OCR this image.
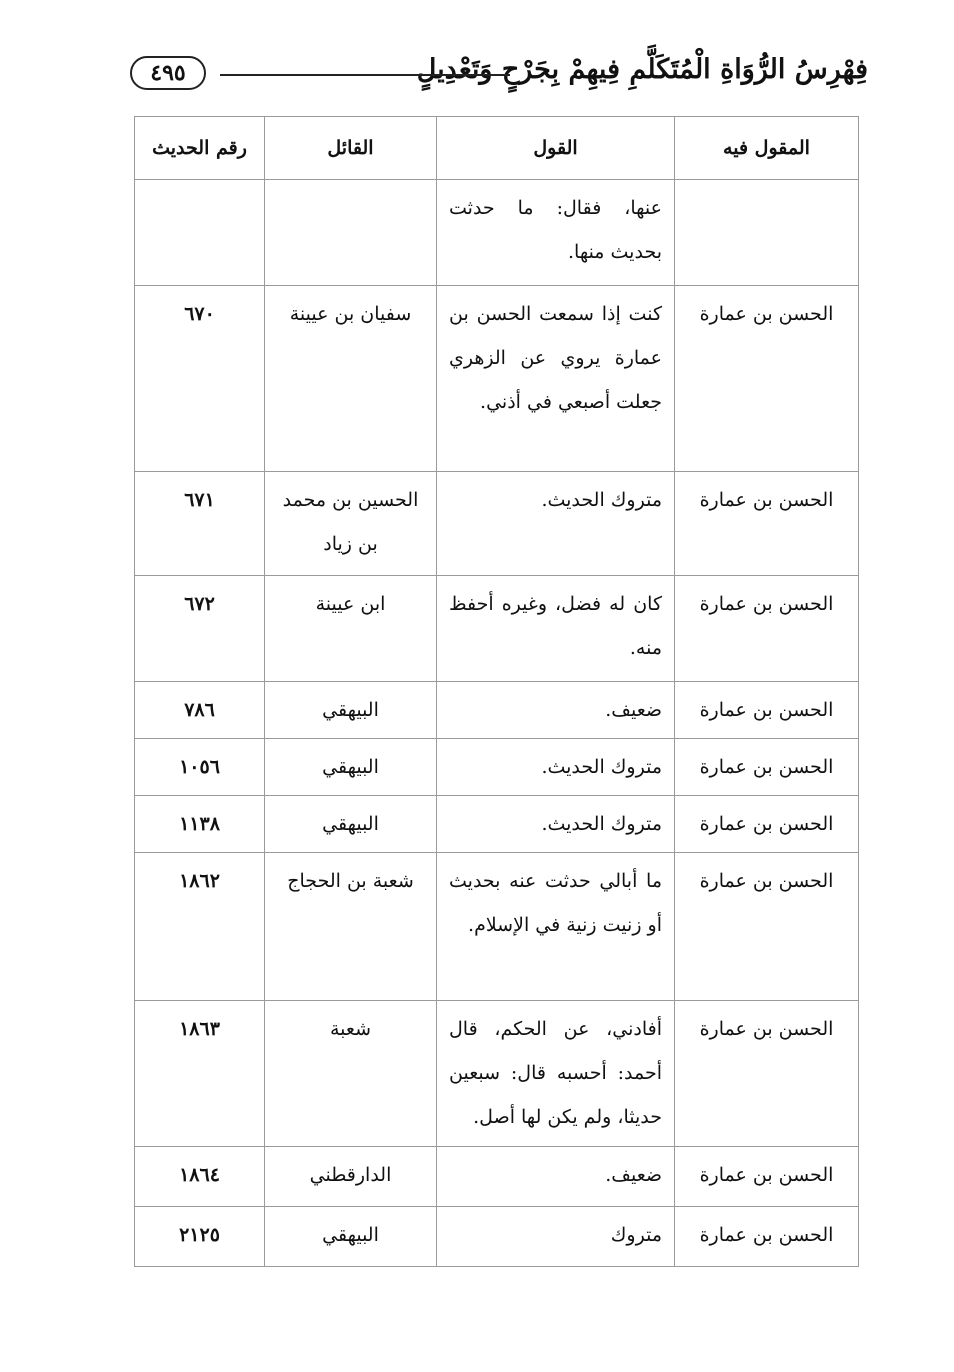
فِهْرِسُ الرُّوَاةِ الْمُتَكَلَّمِ فِيهِمْ بِجَرْحٍ وَتَعْدِيلٍ
٤٩٥
المقول فيه	القول	القائل	رقم الحديث
	عنها، فقال: ما حدثت بحديث منها.		
الحسن بن عمارة	كنت إذا سمعت الحسن بن عمارة يروي عن الزهري جعلت أصبعي في أذني.	سفيان بن عيينة	٦٧٠
الحسن بن عمارة	متروك الحديث.	الحسين بن محمد بن زياد	٦٧١
الحسن بن عمارة	كان له فضل، وغيره أحفظ منه.	ابن عيينة	٦٧٢
الحسن بن عمارة	ضعيف.	البيهقي	٧٨٦
الحسن بن عمارة	متروك الحديث.	البيهقي	١٠٥٦
الحسن بن عمارة	متروك الحديث.	البيهقي	١١٣٨
الحسن بن عمارة	ما أبالي حدثت عنه بحديث أو زنيت زنية في الإسلام.	شعبة بن الحجاج	١٨٦٢
الحسن بن عمارة	أفادني، عن الحكم، قال أحمد: أحسبه قال: سبعين حديثا، ولم يكن لها أصل.	شعبة	١٨٦٣
الحسن بن عمارة	ضعيف.	الدارقطني	١٨٦٤
الحسن بن عمارة	متروك	البيهقي	٢١٢٥
